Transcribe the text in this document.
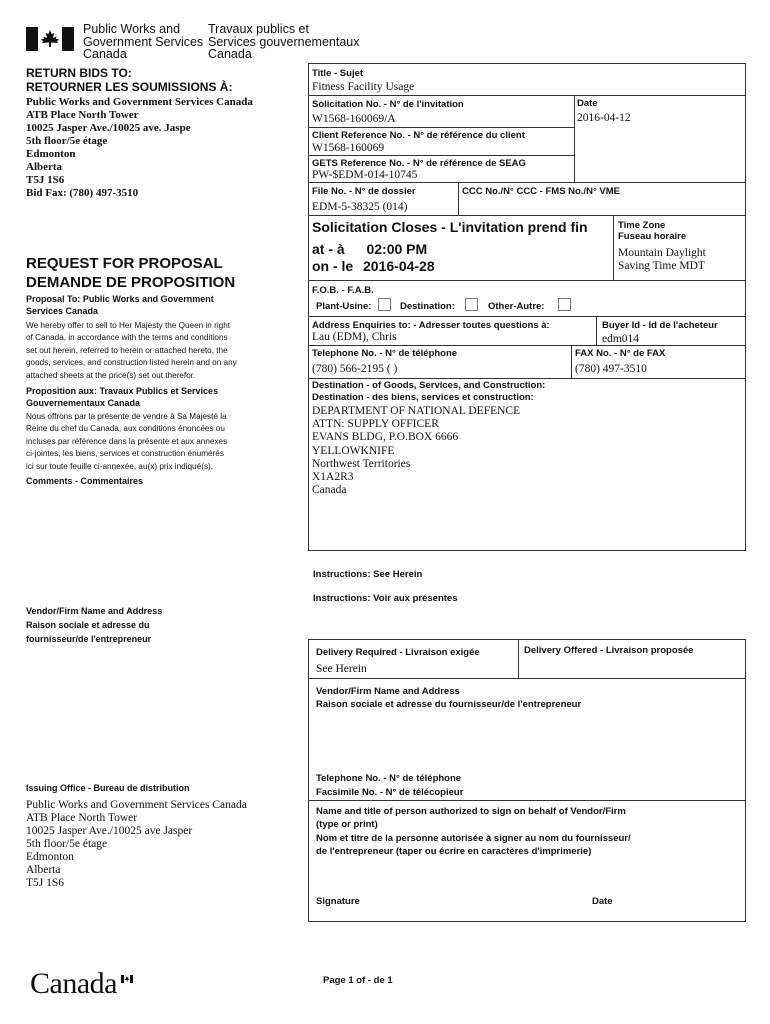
Public Works and
Government Services
Canada
Travaux publics et
Services gouvernementaux
Canada
RETURN BIDS TO:
RETOURNER LES SOUMISSIONS À:
Public Works and Government Services Canada
ATB Place North Tower
10025 Jasper Ave./10025 ave. Jaspe
5th floor/5e étage
Edmonton
Alberta
T5J 1S6
Bid Fax: (780) 497-3510
REQUEST FOR PROPOSAL
DEMANDE DE PROPOSITION
Proposal To: Public Works and Government
Services Canada
We hereby offer to sell to Her Majesty the Queen in right
of Canada, in accordance with the terms and conditions
set out herein, referred to herein or attached hereto, the
goods, services, and construction listed herein and on any
attached sheets at the price(s) set out therefor.
Proposition aux: Travaux Publics et Services
Gouvernementaux Canada
Nous offrons par la présente de vendre à Sa Majesté la
Reine du chef du Canada, aux conditions énoncées ou
incluses par référence dans la présente et aux annexes
ci-jointes, les biens, services et construction énumérés
ici sur toute feuille ci-annexée, au(x) prix indiqué(s).
Comments - Commentaires
Vendor/Firm Name and Address
Raison sociale et adresse du
fournisseur/de l'entrepreneur
Issuing Office - Bureau de distribution
Public Works and Government Services Canada
ATB Place North Tower
10025 Jasper Ave./10025 ave Jasper
5th floor/5e étage
Edmonton
Alberta
T5J 1S6
Title - Sujet
Fitness Facility Usage
Solicitation No. - N° de l'invitation
W1568-160069/A
Date
2016-04-12
Client Reference No. - N° de référence du client
W1568-160069
GETS Reference No. - N° de référence de SEAG
PW-$EDM-014-10745
File No. - N° de dossier
EDM-5-38325 (014)
CCC No./N° CCC - FMS No./N° VME
Solicitation Closes - L'invitation prend fin
at - à 02:00 PM
on - le 2016-04-28
Time Zone
Fuseau horaire
Mountain Daylight
Saving Time MDT
F.O.B. - F.A.B.
Plant-Usine:	Destination:	Other-Autre:
Address Enquiries to: - Adresser toutes questions à:
Lau (EDM), Chris
Buyer Id - Id de l'acheteur
edm014
Telephone No. - N° de téléphone
(780) 566-2195 ( )
FAX No. - N° de FAX
(780) 497-3510
Destination - of Goods, Services, and Construction:
Destination - des biens, services et construction:
DEPARTMENT OF NATIONAL DEFENCE
ATTN: SUPPLY OFFICER
EVANS BLDG, P.O.BOX 6666
YELLOWKNIFE
Northwest Territories
X1A2R3
Canada
Instructions: See Herein
Instructions: Voir aux présentes
Delivery Required - Livraison exigée
See Herein
Delivery Offered - Livraison proposée
Vendor/Firm Name and Address
Raison sociale et adresse du fournisseur/de l'entrepreneur
Telephone No. - N° de téléphone
Facsimile No. - N° de télécopieur
Name and title of person authorized to sign on behalf of Vendor/Firm
(type or print)
Nom et titre de la personne autorisée à signer au nom du fournisseur/
de l'entrepreneur (taper ou écrire en caractères d'imprimerie)
Signature	Date
Page 1 of - de 1
Canada
